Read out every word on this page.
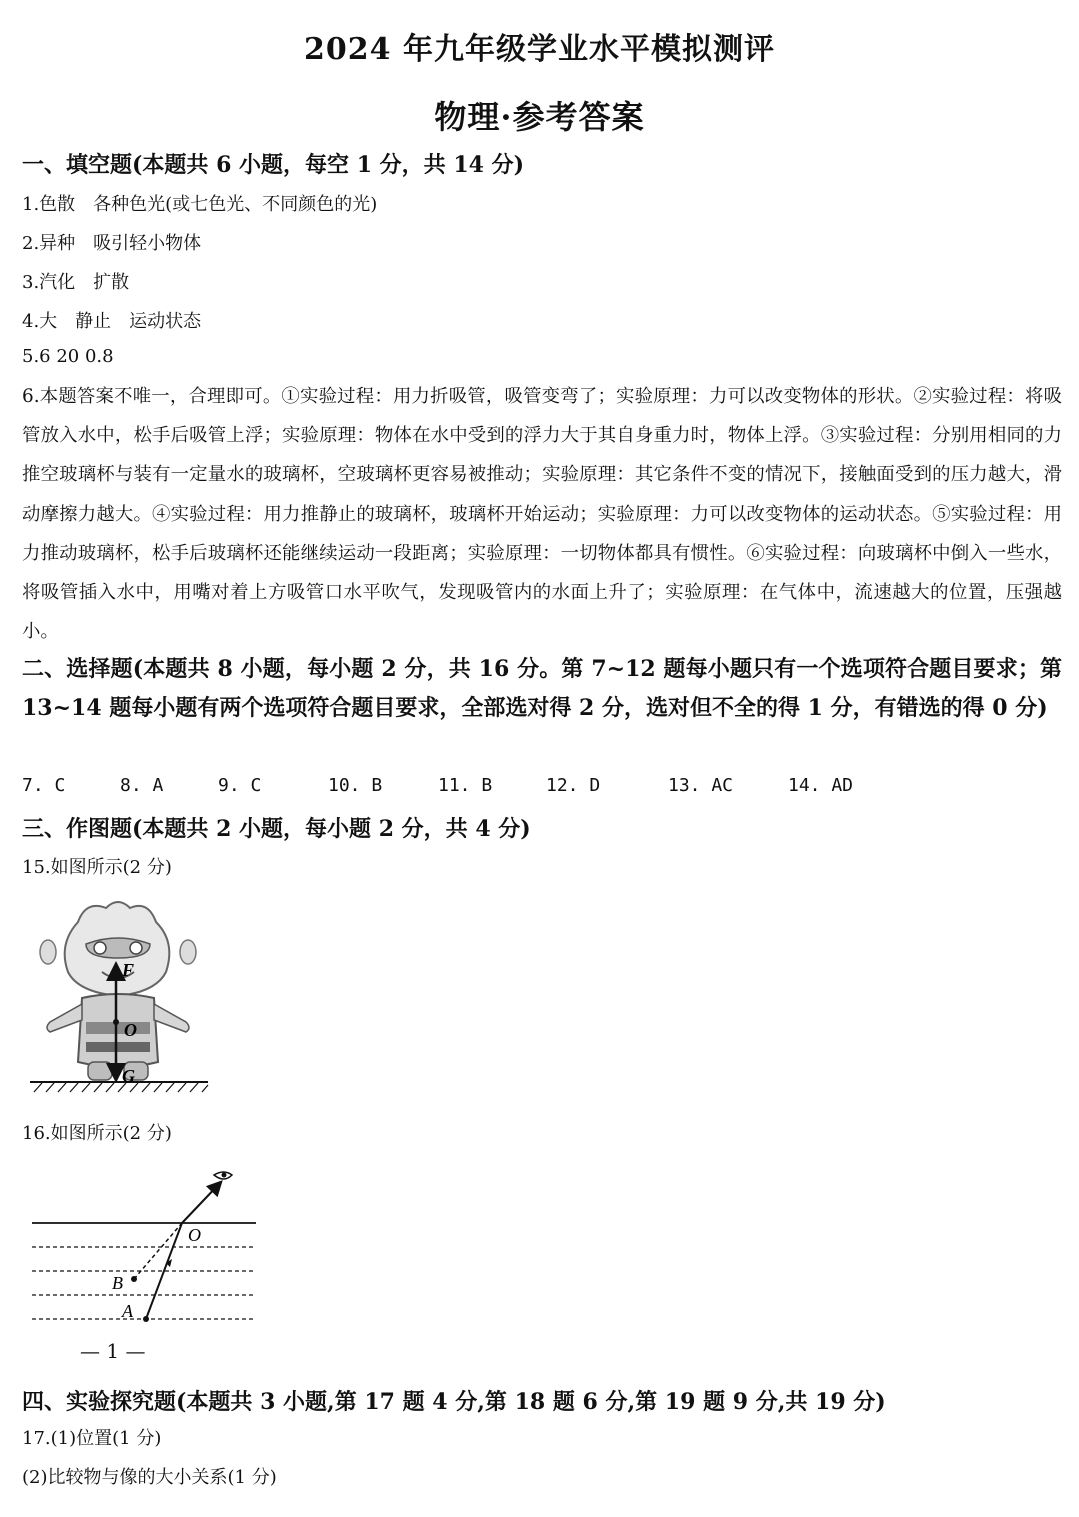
2024 年九年级学业水平模拟测评
物理·参考答案
一、填空题(本题共 6 小题，每空 1 分，共 14 分)
1.色散　各种色光(或七色光、不同颜色的光)
2.异种　吸引轻小物体
3.汽化　扩散
4.大　静止　运动状态
5.6 20 0.8
6.本题答案不唯一，合理即可。①实验过程：用力折吸管，吸管变弯了；实验原理：力可以改变物体的形状。②实验过程：将吸管放入水中，松手后吸管上浮；实验原理：物体在水中受到的浮力大于其自身重力时，物体上浮。③实验过程：分别用相同的力推空玻璃杯与装有一定量水的玻璃杯，空玻璃杯更容易被推动；实验原理：其它条件不变的情况下，接触面受到的压力越大，滑动摩擦力越大。④实验过程：用力推静止的玻璃杯，玻璃杯开始运动；实验原理：力可以改变物体的运动状态。⑤实验过程：用力推动玻璃杯，松手后玻璃杯还能继续运动一段距离；实验原理：一切物体都具有惯性。⑥实验过程：向玻璃杯中倒入一些水，将吸管插入水中，用嘴对着上方吸管口水平吹气，发现吸管内的水面上升了；实验原理：在气体中，流速越大的位置，压强越小。
二、选择题(本题共 8 小题，每小题 2 分，共 16 分。第 7~12 题每小题只有一个选项符合题目要求；第 13~14 题每小题有两个选项符合题目要求，全部选对得 2 分，选对但不全的得 1 分，有错选的得 0 分)
7. C	8. A	9. C	10. B	11. B	12. D	13. AC	14. AD
三、作图题(本题共 2 小题，每小题 2 分，共 4 分)
15.如图所示(2 分)
F
O
G
16.如图所示(2 分)
O
B
A
— 1 —
四、实验探究题(本题共 3 小题,第 17 题 4 分,第 18 题 6 分,第 19 题 9 分,共 19 分)
17.(1)位置(1 分)
(2)比较物与像的大小关系(1 分)
